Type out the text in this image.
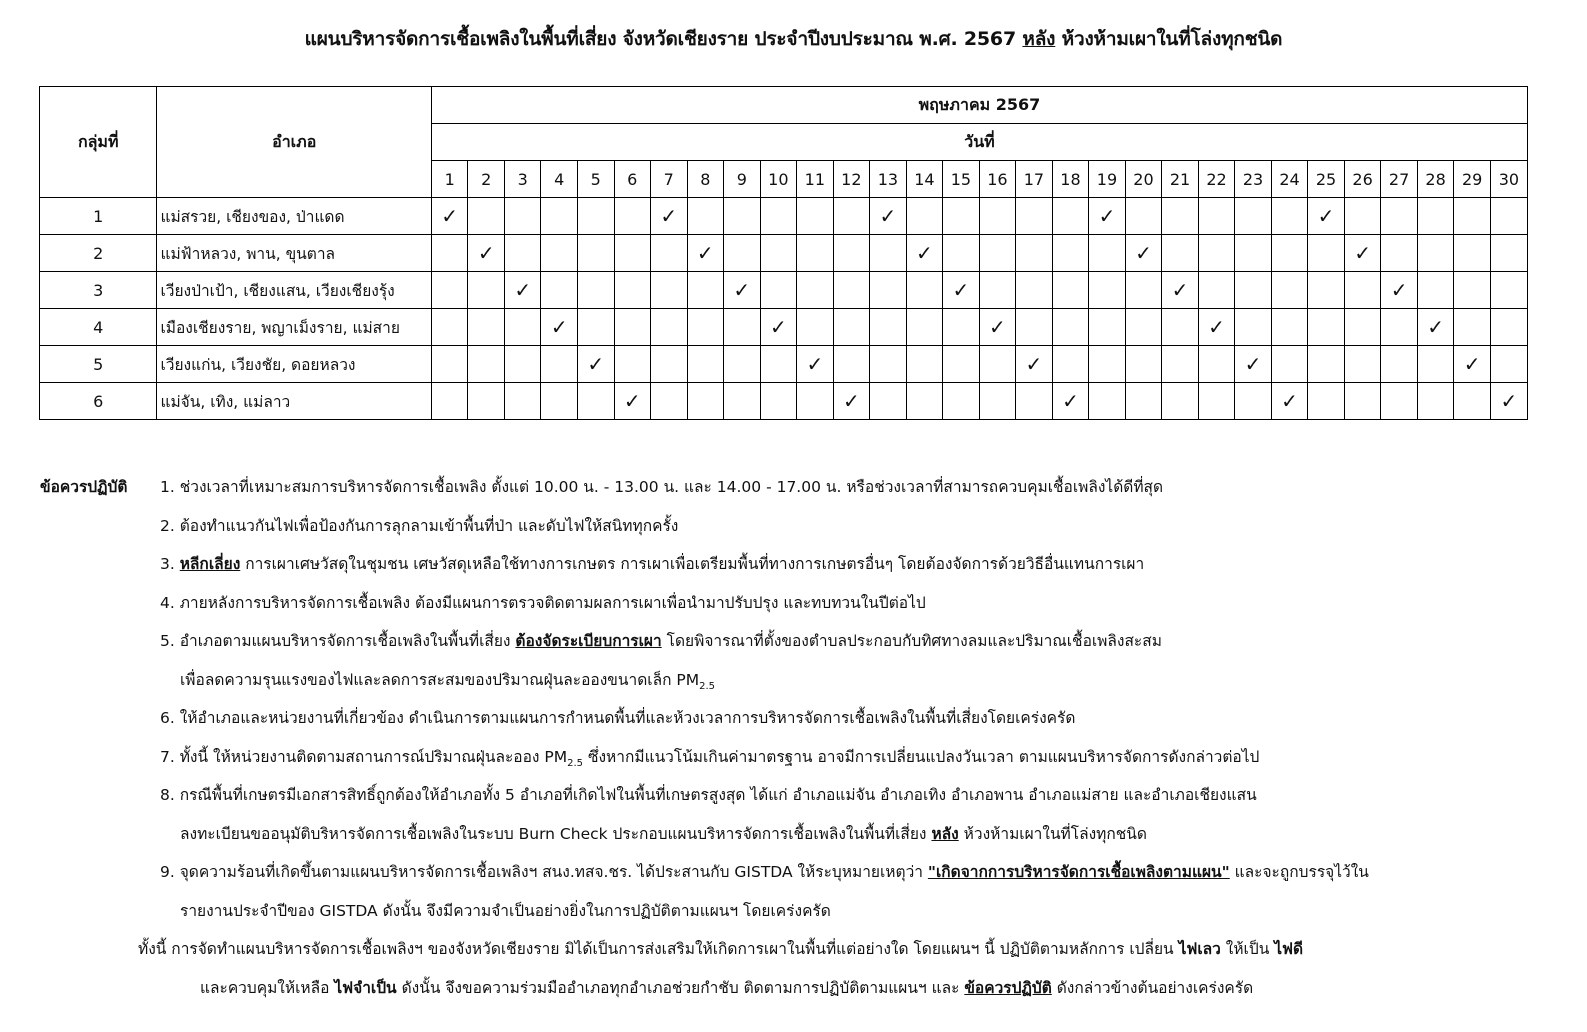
แผนบริหารจัดการเชื้อเพลิงในพื้นที่เสี่ยง จังหวัดเชียงราย ประจำปีงบประมาณ พ.ศ. 2567 หลัง ห้วงห้ามเผาในที่โล่งทุกชนิด
กลุ่มที่	อำเภอ	พฤษภาคม 2567																													
		วันที่																													
		1	2	3	4	5	6	7	8	9	10	11	12	13	14	15	16	17	18	19	20	21	22	23	24	25	26	27	28	29	30
1	แม่สรวย, เชียงของ, ป่าแดด	✓						✓						✓						✓						✓					
2	แม่ฟ้าหลวง, พาน, ขุนตาล		✓						✓						✓						✓						✓				
3	เวียงป่าเป้า, เชียงแสน, เวียงเชียงรุ้ง			✓						✓						✓						✓						✓			
4	เมืองเชียงราย, พญาเม็งราย, แม่สาย				✓						✓						✓						✓						✓		
5	เวียงแก่น, เวียงชัย, ดอยหลวง					✓						✓						✓						✓						✓	
6	แม่จัน, เทิง, แม่ลาว						✓						✓						✓						✓						✓
ข้อควรปฏิบัติ 1. ช่วงเวลาที่เหมาะสมการบริหารจัดการเชื้อเพลิง ตั้งแต่ 10.00 น. - 13.00 น. และ 14.00 - 17.00 น. หรือช่วงเวลาที่สามารถควบคุมเชื้อเพลิงได้ดีที่สุด
2. ต้องทำแนวกันไฟเพื่อป้องกันการลุกลามเข้าพื้นที่ป่า และดับไฟให้สนิททุกครั้ง
3. หลีกเลี่ยง การเผาเศษวัสดุในชุมชน เศษวัสดุเหลือใช้ทางการเกษตร การเผาเพื่อเตรียมพื้นที่ทางการเกษตรอื่นๆ โดยต้องจัดการด้วยวิธีอื่นแทนการเผา
4. ภายหลังการบริหารจัดการเชื้อเพลิง ต้องมีแผนการตรวจติดตามผลการเผาเพื่อนำมาปรับปรุง และทบทวนในปีต่อไป
5. อำเภอตามแผนบริหารจัดการเชื้อเพลิงในพื้นที่เสี่ยง ต้องจัดระเบียบการเผา โดยพิจารณาที่ตั้งของตำบลประกอบกับทิศทางลมและปริมาณเชื้อเพลิงสะสม
เพื่อลดความรุนแรงของไฟและลดการสะสมของปริมาณฝุ่นละอองขนาดเล็ก $PM_{2.5}$
6. ให้อำเภอและหน่วยงานที่เกี่ยวข้อง ดำเนินการตามแผนการกำหนดพื้นที่และห้วงเวลาการบริหารจัดการเชื้อเพลิงในพื้นที่เสี่ยงโดยเคร่งครัด
7. ทั้งนี้ ให้หน่วยงานติดตามสถานการณ์ปริมาณฝุ่นละออง $PM_{2.5}$ ซึ่งหากมีแนวโน้มเกินค่ามาตรฐาน อาจมีการเปลี่ยนแปลงวันเวลา ตามแผนบริหารจัดการดังกล่าวต่อไป
8. กรณีพื้นที่เกษตรมีเอกสารสิทธิ์ถูกต้องให้อำเภอทั้ง 5 อำเภอที่เกิดไฟในพื้นที่เกษตรสูงสุด ได้แก่ อำเภอแม่จัน อำเภอเทิง อำเภอพาน อำเภอแม่สาย และอำเภอเชียงแสน
ลงทะเบียนขออนุมัติบริหารจัดการเชื้อเพลิงในระบบ Burn Check ประกอบแผนบริหารจัดการเชื้อเพลิงในพื้นที่เสี่ยง หลัง ห้วงห้ามเผาในที่โล่งทุกชนิด
9. จุดความร้อนที่เกิดขึ้นตามแผนบริหารจัดการเชื้อเพลิงฯ สนง.ทสจ.ชร. ได้ประสานกับ GISTDA ให้ระบุหมายเหตุว่า "เกิดจากการบริหารจัดการเชื้อเพลิงตามแผน" และจะถูกบรรจุไว้ใน
รายงานประจำปีของ GISTDA ดังนั้น จึงมีความจำเป็นอย่างยิ่งในการปฏิบัติตามแผนฯ โดยเคร่งครัด
ทั้งนี้ การจัดทำแผนบริหารจัดการเชื้อเพลิงฯ ของจังหวัดเชียงราย มิได้เป็นการส่งเสริมให้เกิดการเผาในพื้นที่แต่อย่างใด โดยแผนฯ นี้ ปฏิบัติตามหลักการ เปลี่ยน ไฟเลว ให้เป็น ไฟดี
และควบคุมให้เหลือ ไฟจำเป็น ดังนั้น จึงขอความร่วมมืออำเภอทุกอำเภอช่วยกำชับ ติดตามการปฏิบัติตามแผนฯ และ ข้อควรปฏิบัติ ดังกล่าวข้างต้นอย่างเคร่งครัด
